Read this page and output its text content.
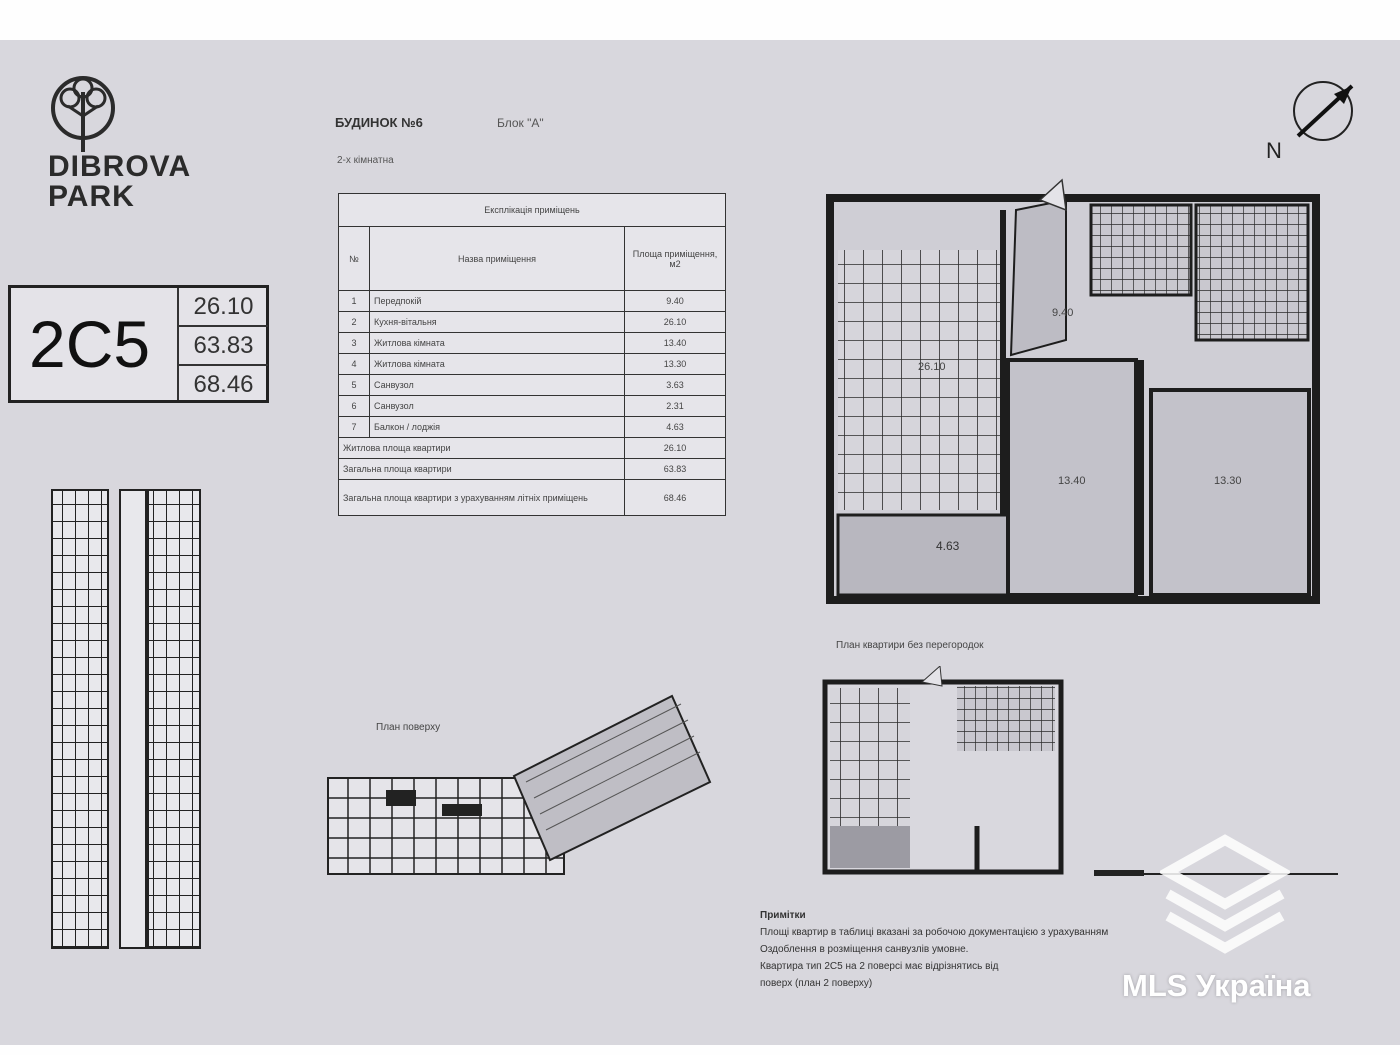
DIBROVA
PARK
2C5
26.10
63.83
68.46
БУДИНОК №6	Блок "А"
2-х кімнатна
Експлікація приміщень		
№	Назва приміщення	Площа приміщення, м2
1	Передпокій	9.40
2	Кухня-вітальня	26.10
3	Житлова кімната	13.40
4	Житлова кімната	13.30
5	Санвузол	3.63
6	Санвузол	2.31
7	Балкон / лоджія	4.63
Житлова площа квартири		26.10
Загальна площа квартири		63.83
Загальна площа квартири з урахуванням літніх приміщень		68.46
N
9.40
26.10
13.40	13.30
4.63
План квартири без перегородок
План поверху
Примітки
Площі квартир в таблиці вказані за робочою документацією з урахуванням
Оздоблення в розміщення санвузлів умовне.
Квартира тип 2С5 на 2 поверсі має відрізнятись від
поверх (план 2 поверху)	MLS Україна
